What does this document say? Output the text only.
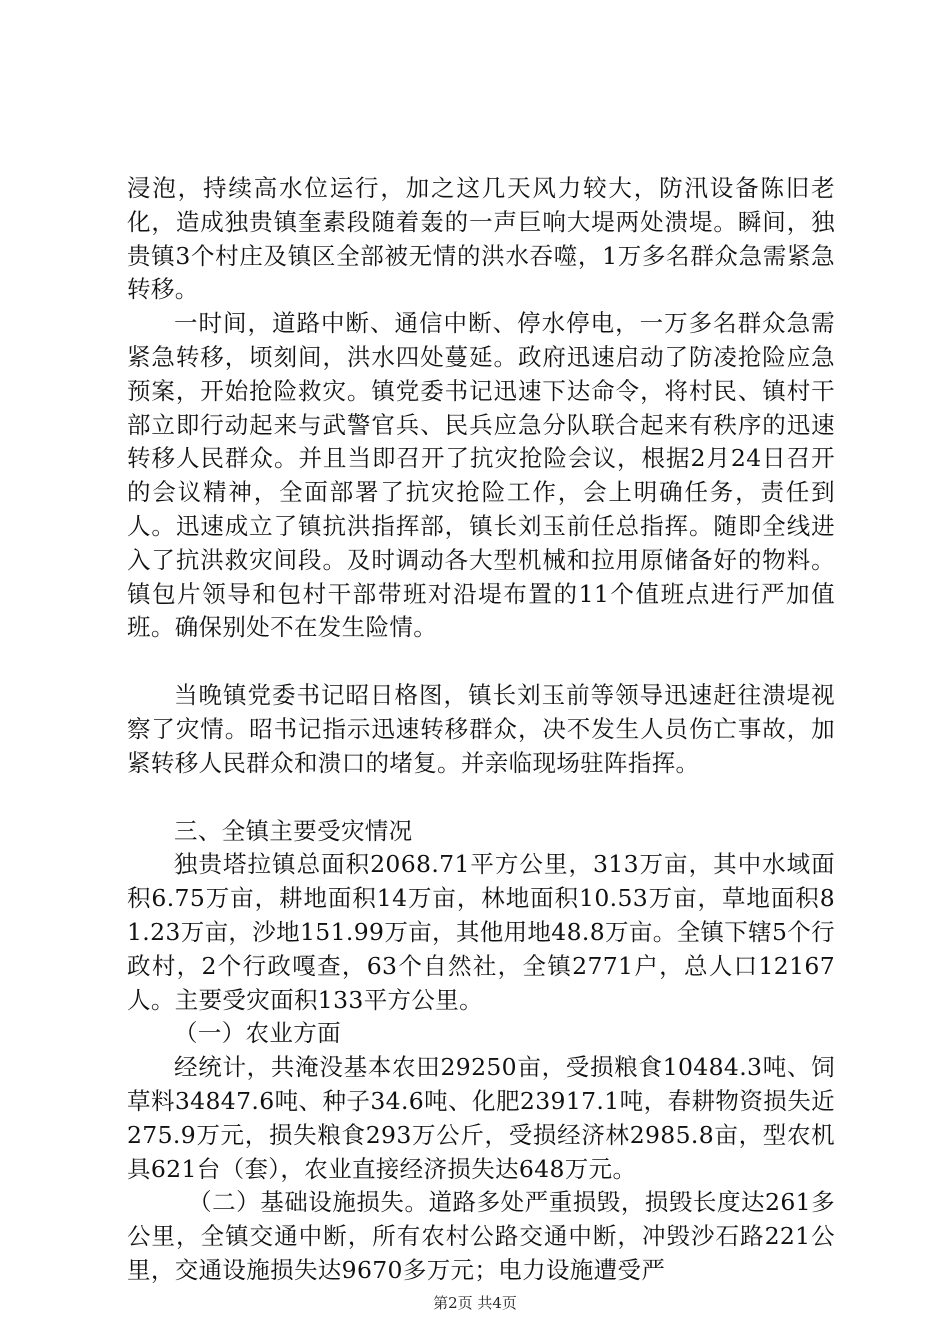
浸泡，持续高水位运行，加之这几天风力较大，防汛设备陈旧老化，造成独贵镇奎素段随着轰的一声巨响大堤两处溃堤。瞬间，独贵镇3个村庄及镇区全部被无情的洪水吞噬，1万多名群众急需紧急转移。

一时间，道路中断、通信中断、停水停电，一万多名群众急需紧急转移，顷刻间，洪水四处蔓延。政府迅速启动了防凌抢险应急预案，开始抢险救灾。镇党委书记迅速下达命令，将村民、镇村干部立即行动起来与武警官兵、民兵应急分队联合起来有秩序的迅速转移人民群众。并且当即召开了抗灾抢险会议，根据2月24日召开的会议精神，全面部署了抗灾抢险工作，会上明确任务，责任到人。迅速成立了镇抗洪指挥部，镇长刘玉前任总指挥。随即全线进入了抗洪救灾间段。及时调动各大型机械和拉用原储备好的物料。镇包片领导和包村干部带班对沿堤布置的11个值班点进行严加值班。确保别处不在发生险情。

当晚镇党委书记昭日格图，镇长刘玉前等领导迅速赶往溃堤视察了灾情。昭书记指示迅速转移群众，决不发生人员伤亡事故，加紧转移人民群众和溃口的堵复。并亲临现场驻阵指挥。

三、全镇主要受灾情况

独贵塔拉镇总面积2068.71平方公里，313万亩，其中水域面积6.75万亩，耕地面积14万亩，林地面积10.53万亩，草地面积81.23万亩，沙地151.99万亩，其他用地48.8万亩。全镇下辖5个行政村，2个行政嘎查，63个自然社，全镇2771户，总人口12167人。主要受灾面积133平方公里。

（一）农业方面

经统计，共淹没基本农田29250亩，受损粮食10484.3吨、饲草料34847.6吨、种子34.6吨、化肥23917.1吨，春耕物资损失近275.9万元，损失粮食293万公斤，受损经济林2985.8亩，型农机具621台（套），农业直接经济损失达648万元。

（二）基础设施损失。道路多处严重损毁，损毁长度达261多公里，全镇交通中断，所有农村公路交通中断，冲毁沙石路221公里，交通设施损失达9670多万元；电力设施遭受严

第2页 共4页
